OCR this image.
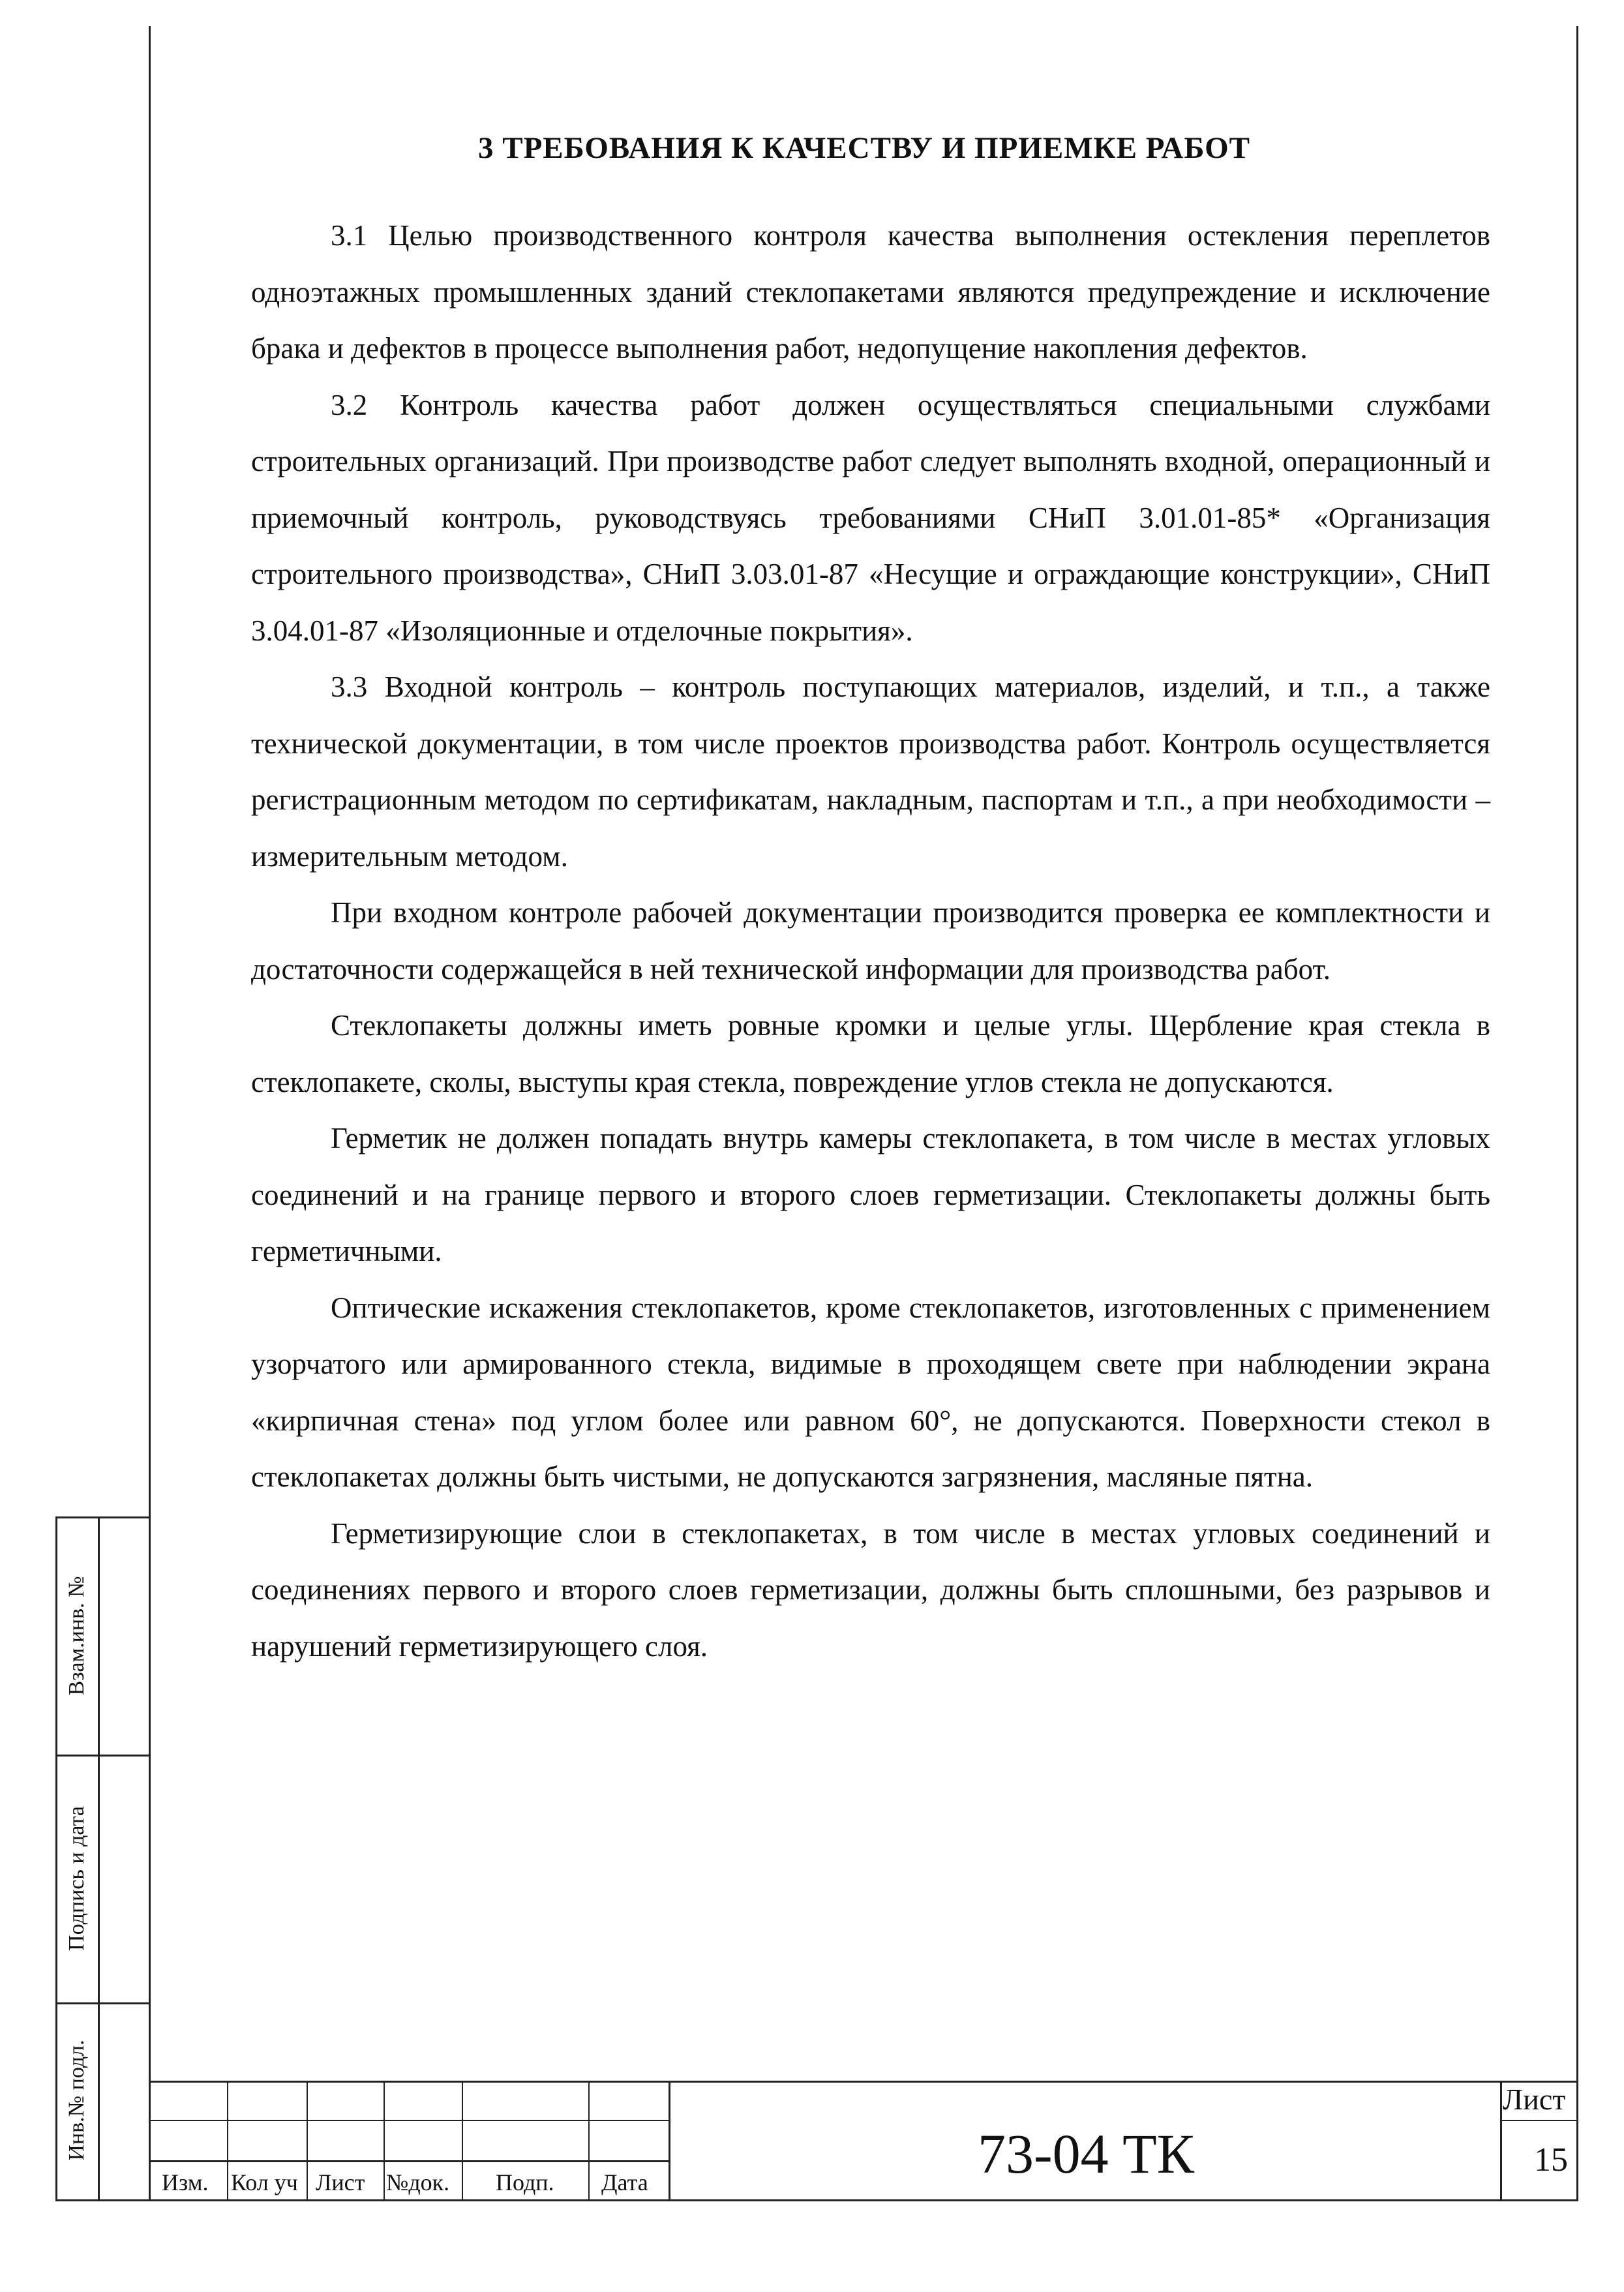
Взам.инв. №
Подпись и дата
Инв.№ подл.
3 ТРЕБОВАНИЯ К КАЧЕСТВУ И ПРИЕМКЕ РАБОТ

3.1 Целью производственного контроля качества выполнения остекления переплетов одноэтажных промышленных зданий стеклопакетами являются предупреждение и исключение брака и дефектов в процессе выполнения работ, недопущение накопления дефектов.

3.2 Контроль качества работ должен осуществляться специальными службами строительных организаций. При производстве работ следует выполнять входной, операционный и приемочный контроль, руководствуясь требованиями СНиП 3.01.01-85* «Организация строительного производства», СНиП 3.03.01-87 «Несущие и ограждающие конструкции», СНиП 3.04.01-87 «Изоляционные и отделочные покрытия».

3.3 Входной контроль – контроль поступающих материалов, изделий, и т.п., а также технической документации, в том числе проектов производства работ. Контроль осуществляется регистрационным методом по сертификатам, накладным, паспортам и т.п., а при необходимости – измерительным методом.

При входном контроле рабочей документации производится проверка ее комплектности и достаточности содержащейся в ней технической информации для производства работ.

Стеклопакеты должны иметь ровные кромки и целые углы. Щербление края стекла в стеклопакете, сколы, выступы края стекла, повреждение углов стекла не допускаются.

Герметик не должен попадать внутрь камеры стеклопакета, в том числе в местах угловых соединений и на границе первого и второго слоев герметизации. Стеклопакеты должны быть герметичными.

Оптические искажения стеклопакетов, кроме стеклопакетов, изготовленных с применением узорчатого или армированного стекла, видимые в проходящем свете при наблюдении экрана «кирпичная стена» под углом более или равном 60°, не допускаются. Поверхности стекол в стеклопакетах должны быть чистыми, не допускаются загрязнения, масляные пятна.

Герметизирующие слои в стеклопакетах, в том числе в местах угловых соединений и соединениях первого и второго слоев герметизации, должны быть сплошными, без разрывов и нарушений герметизирующего слоя.

Изм. Кол уч Лист №док. Подп. Дата	73-04 ТК
Лист
15
